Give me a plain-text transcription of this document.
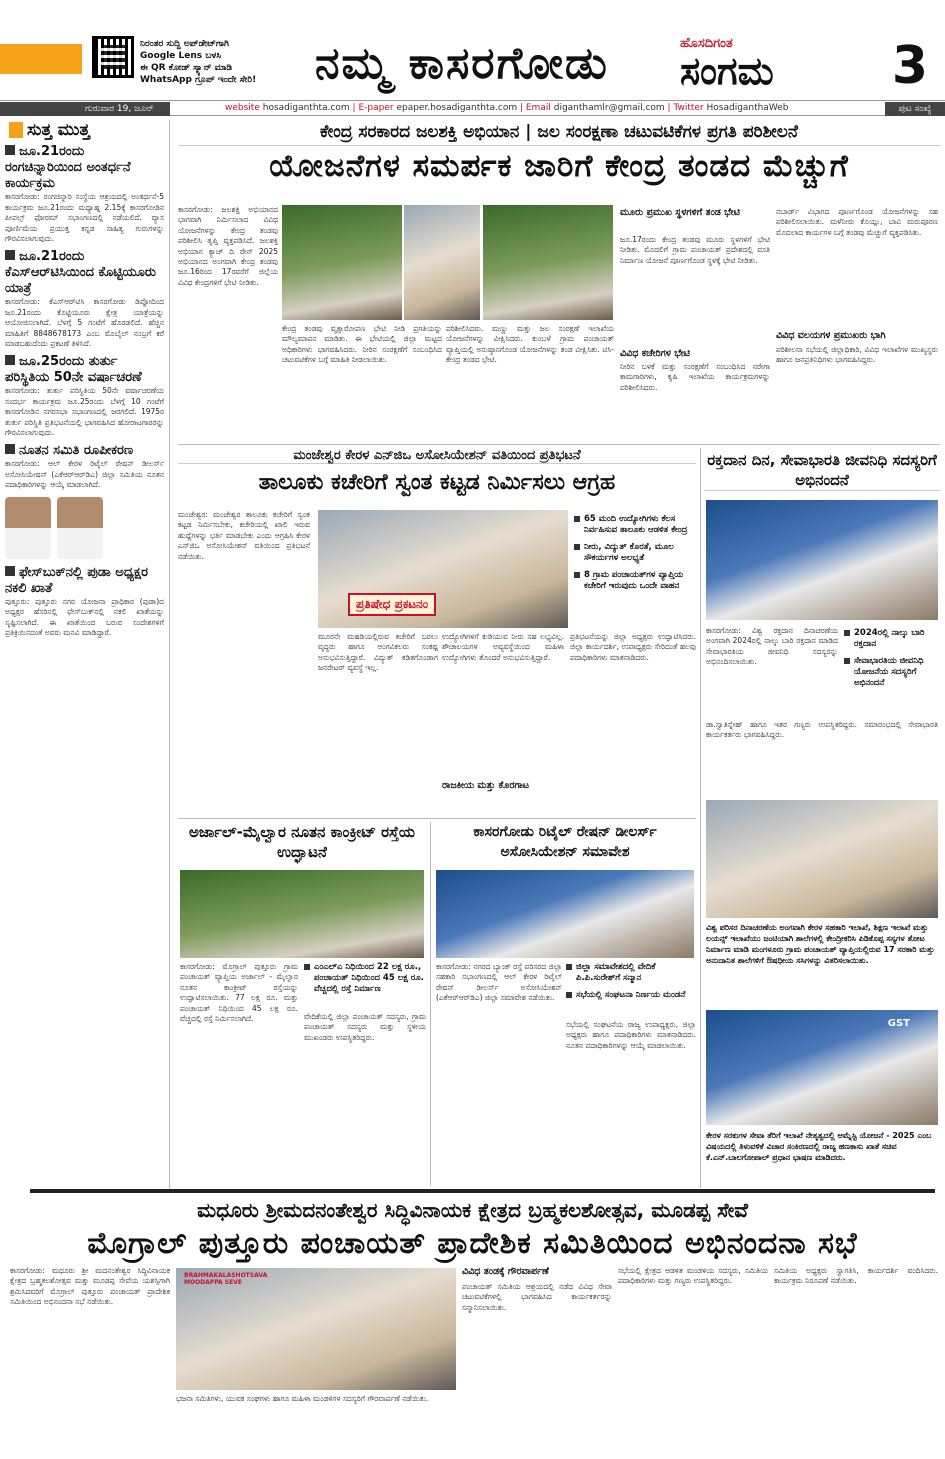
ನಿರಂತರ ಸುದ್ದಿ ಅಪ್‌ಡೇಟ್‌ಗಾಗಿ
Google Lens ಬಳಸಿ
ಈ QR ಕೋಡ್ ಸ್ಕ್ಯಾನ್ ಮಾಡಿ
WhatsApp ಗ್ರೂಪ್ ಇಂದೇ ಸೇರಿ!	ನಮ್ಮ ಕಾಸರಗೋಡು	ಹೊಸದಿಗಂತ
ಸಂಗಮ	3
ಗುರುವಾರ 19, ಜೂನ್ 2025
website hosadiganthta.com | E-paper epaper.hosadiganthta.com | Email diganthamlr@gmail.com | Twitter HosadiganthaWeb	ಪುಟ ಸಂಖ್ಯೆ
ಸುತ್ತ ಮುತ್ತ
ಜೂ.21ರಂದು ರಂಗಚಿನ್ನಾರಿಯಿಂದ ಅಂತರ್ಧನೆ ಕಾರ್ಯಕ್ರಮ
ಕಾಸರಗೋಡು: ರಂಗಚಿನ್ನಾರಿ ಸಂಸ್ಥೆಯ ಆಶ್ರಯದಲ್ಲಿ ಅಂತರ್ಧನೆ-5 ಕಾರ್ಯಕ್ರಮ ಜೂ.21ರಂದು ಮಧ್ಯಾಹ್ನ 2.15ಕ್ಕೆ ಕಾಸರಗೋಡಿನ ಪೀಪಲ್ಸ್ ಫೋರಮ್ ಸಭಾಂಗಣದಲ್ಲಿ ನಡೆಯಲಿದೆ. ವ್ಯಾಸ ಪೂರ್ಣಿಮೆಯ ಪ್ರಯುಕ್ತ ಕನ್ನಡ ಸಾಹಿತ್ಯ ಗುರುಗಳನ್ನು ಗೌರವಿಸಲಾಗುವುದು.
ಜೂ.21ರಂದು ಕೆಎಸ್‌ಆರ್‌ಟಿಸಿಯಿಂದ ಕೊಟ್ಟಿಯೂರು ಯಾತ್ರೆ
ಕಾಸರಗೋಡು: ಕೆಎಸ್‌ಆರ್‌ಟಿಸಿ ಕಾಸರಗೋಡು ಡಿಪ್ಪೋದಿಂದ ಜೂ.21ರಂದು ಕೊಟ್ಟಿಯೂರು ಕ್ಷೇತ್ರ ಯಾತ್ರೆಯನ್ನು ಆಯೋಜಿಸಲಾಗಿದೆ. ಬೆಳಗ್ಗೆ 5 ಗಂಟೆಗೆ ಹೊರಡಲಿದೆ. ಹೆಚ್ಚಿನ ಮಾಹಿತಿಗೆ 8848678173 ಎಂಬ ಮೊಬೈಲ್ ನಂಬ್ರಗೆ ಕರೆ ಮಾಡಬಹುದೆಂದು ಪ್ರಕಟಣೆ ತಿಳಿಸಿದೆ.
ಜೂ.25ರಂದು ತುರ್ತು ಪರಿಸ್ಥಿತಿಯ 50ನೇ ವರ್ಷಾಚರಣೆ
ಕಾಸರಗೋಡು: ತುರ್ತು ಪರಿಸ್ಥಿತಿಯ 50ನೇ ವರ್ಷಾಚರಣೆಯ ಸಂದರ್ಭ ಕಾರ್ಯಕ್ರಮ ಜೂ.25ರಂದು ಬೆಳಗ್ಗೆ 10 ಗಂಟೆಗೆ ಕಾಸರಗೋಡಿನ ನಗರಸಭಾ ಸಭಾಂಗಣದಲ್ಲಿ ಜರಗಲಿದೆ. 1975ರ ತುರ್ತು ಪರಿಸ್ಥಿತಿ ಪ್ರತಿಭಟನೆಯಲ್ಲಿ ಭಾಗವಹಿಸಿದ ಹೋರಾಟಗಾರರನ್ನು ಗೌರವಿಸಲಾಗುವುದು.
ನೂತನ ಸಮಿತಿ ರೂಪೀಕರಣ
ಕಾಸರಗೋಡು: ಆಲ್ ಕೇರಳ ರಿಟೈಲ್ ರೇಷನ್ ಡೀಲರ್ಸ್ ಅಸೋಸಿಯೇಷನ್ (ಎಕೆಆರ್‌ಆರ್‌ಡಿಎ) ಜಿಲ್ಲಾ ಸಮಿತಿಯ ನೂತನ ಪದಾಧಿಕಾರಿಗಳನ್ನು ಆಯ್ಕೆ ಮಾಡಲಾಗಿದೆ.
ಫೇಸ್‌ಬುಕ್‌ನಲ್ಲಿ ಪುಡಾ ಅಧ್ಯಕ್ಷರ ನಕಲಿ ಖಾತೆ
ಪುತ್ತೂರು: ಪುತ್ತೂರು ನಗರ ಯೋಜನಾ ಪ್ರಾಧಿಕಾರ (ಪುಡಾ)ದ ಅಧ್ಯಕ್ಷರ ಹೆಸರಿನಲ್ಲಿ ಫೇಸ್‌ಬುಕ್‌ನಲ್ಲಿ ನಕಲಿ ಖಾತೆಯನ್ನು ಸೃಷ್ಟಿಸಲಾಗಿದೆ. ಈ ಖಾತೆಯಿಂದ ಬರುವ ಸಂದೇಶಗಳಿಗೆ ಪ್ರತಿಕ್ರಿಯಿಸದಂತೆ ಅವರು ಮನವಿ ಮಾಡಿದ್ದಾರೆ.
ಕೇಂದ್ರ ಸರಕಾರದ ಜಲಶಕ್ತಿ ಅಭಿಯಾನ | ಜಲ ಸಂರಕ್ಷಣಾ ಚಟುವಟಿಕೆಗಳ ಪ್ರಗತಿ ಪರಿಶೀಲನೆ
ಯೋಜನೆಗಳ ಸಮರ್ಪಕ ಜಾರಿಗೆ ಕೇಂದ್ರ ತಂಡದ ಮೆಚ್ಚುಗೆ
ಕಾಸರಗೋಡು: ಜಲಶಕ್ತಿ ಅಭಿಯಾನದ ಭಾಗವಾಗಿ ನಿರ್ಮಿಸಲಾದ ವಿವಿಧ ಯೋಜನೆಗಳನ್ನು ಕೇಂದ್ರ ತಂಡವು ಪರಿಶೀಲಿಸಿ ತೃಪ್ತಿ ವ್ಯಕ್ತಪಡಿಸಿದೆ. ಜಲಶಕ್ತಿ ಅಭಿಯಾನ ಕ್ಯಾಚ್ ದಿ ರೇನ್ 2025 ಅಭಿಯಾನದ ಅಂಗವಾಗಿ ಕೇಂದ್ರ ತಂಡವು ಜೂ.16ರಿಂದ 17ರವರೆಗೆ ಜಿಲ್ಲೆಯ ವಿವಿಧ ಕೇಂದ್ರಗಳಿಗೆ ಭೇಟಿ ನೀಡಿತು.
ಕೇಂದ್ರ ತಂಡವು ವೃಕ್ಷಾರೋಪಣ ಭೇಟಿ ನೀಡಿ ಪ್ರಗತಿಯನ್ನು ಮೌಲ್ಯಮಾಪನ ಮಾಡಿತು. ಈ ಭೇಟಿಯಲ್ಲಿ ಜಿಲ್ಲಾ ಮಟ್ಟದ ಅಧಿಕಾರಿಗಳು ಭಾಗವಹಿಸಿದರು. ನೀರಿನ ಸಂರಕ್ಷಣೆಗೆ ಸಂಬಂಧಿಸಿದ ಚಟುವಟಿಕೆಗಳ ಬಗ್ಗೆ ಮಾಹಿತಿ ನೀಡಲಾಯಿತು.
ಪರಿಶೀಲಿಸಿದರು. ಮಣ್ಣು ಮತ್ತು ಜಲ ಸಂರಕ್ಷಣೆ ಇಲಾಖೆಯ ಯೋಜನೆಗಳನ್ನು ವೀಕ್ಷಿಸಿದರು. ಕುಂಬಳೆ ಗ್ರಾಮ ಪಂಚಾಯತ್ ವ್ಯಾಪ್ತಿಯಲ್ಲಿ ಅನುಷ್ಠಾನಗೊಂಡ ಯೋಜನೆಗಳನ್ನು ತಂಡ ವೀಕ್ಷಿಸಿತು. ಟಿಸಿ-ಕೇಂದ್ರ ತಂಡದ ಭೇಟಿ.
ಮೂರು ಪ್ರಮುಖ ಸ್ಥಳಗಳಿಗೆ ತಂಡ ಭೇಟಿ
ಜೂ.17ರಂದು ಕೇಂದ್ರ ತಂಡವು ಮೂರು ಸ್ಥಳಗಳಿಗೆ ಭೇಟಿ ನೀಡಿತು. ಮೊದಲಿಗೆ ಗ್ರಾಮ ಪಂಚಾಯತ್ ಪ್ರದೇಶದಲ್ಲಿ ವಸತಿ ನಿರ್ಮಾಣ ಯೋಜನೆ ಪೂರ್ಣಗೊಂಡ ಸ್ಥಳಕ್ಕೆ ಭೇಟಿ ನೀಡಿತು.
ವಿವಿಧ ಕಚೇರಿಗಳ ಭೇಟಿ
ನೀರಿನ ಬಳಕೆ ಮತ್ತು ಸಂರಕ್ಷಣೆಗೆ ಸಂಬಂಧಿಸಿದ ನರೇಗಾ ಕಾಮಗಾರಿಗಳು, ಕೃಷಿ ಇಲಾಖೆಯ ಕಾರ್ಯಕ್ರಮಗಳನ್ನು ಪರಿಶೀಲಿಸಿದರು.
ನಬಾರ್ಡ್ ವಿಭಾಗದ ಪೂರ್ಣಗೊಂಡ ಯೋಜನೆಗಳನ್ನು ಸಹ ಪರಿಶೀಲಿಸಲಾಯಿತು. ಮಳೆನೀರು ಕೊಯ್ಲು, ಬಾವಿ ಮರುಪೂರಣ ಮೊದಲಾದ ಕಾರ್ಯಗಳ ಬಗ್ಗೆ ತಂಡವು ಮೆಚ್ಚುಗೆ ವ್ಯಕ್ತಪಡಿಸಿತು.
ವಿವಿಧ ವಲಯಗಳ ಪ್ರಮುಖರು ಭಾಗಿ
ಪರಿಶೀಲನಾ ಸಭೆಯಲ್ಲಿ ಜಿಲ್ಲಾಧಿಕಾರಿ, ವಿವಿಧ ಇಲಾಖೆಗಳ ಮುಖ್ಯಸ್ಥರು ಹಾಗೂ ಜನಪ್ರತಿನಿಧಿಗಳು ಭಾಗವಹಿಸಿದ್ದರು.
ಮಂಜೇಶ್ವರ ಕೇರಳ ಎನ್‌ಜಿಒ ಅಸೋಸಿಯೇಶನ್ ವತಿಯಿಂದ ಪ್ರತಿಭಟನೆ
ತಾಲೂಕು ಕಚೇರಿಗೆ ಸ್ವಂತ ಕಟ್ಟಡ ನಿರ್ಮಿಸಲು ಆಗ್ರಹ
ಮಂಜೇಶ್ವರ: ಮಂಜೇಶ್ವರ ತಾಲೂಕು ಕಚೇರಿಗೆ ಸ್ವಂತ ಕಟ್ಟಡ ನಿರ್ಮಿಸಬೇಕು, ಕಚೇರಿಯಲ್ಲಿ ಖಾಲಿ ಇರುವ ಹುದ್ದೆಗಳನ್ನು ಭರ್ತಿ ಮಾಡಬೇಕು ಎಂದು ಆಗ್ರಹಿಸಿ ಕೇರಳ ಎನ್‌ಜಿಒ ಅಸೋಸಿಯೇಶನ್ ವತಿಯಿಂದ ಪ್ರತಿಭಟನೆ ನಡೆಯಿತು.
ಪ್ರತಿಷೇಧ ಪ್ರಕಟನಂ
65 ಮಂದಿ ಉದ್ಯೋಗಿಗಳು ಕೆಲಸ ನಿರ್ವಹಿಸುವ ತಾಲೂಕು ಆಡಳಿತ ಕೇಂದ್ರ
ನೀರು, ವಿದ್ಯುತ್ ಕೊರತೆ, ಮೂಲ ಸೌಕರ್ಯಗಳ ಅಲಭ್ಯತೆ
8 ಗ್ರಾಮ ಪಂಚಾಯತ್‌ಗಳ ವ್ಯಾಪ್ತಿಯ ಕಚೇರಿಗೆ ಇರುವುದು ಒಂದೇ ವಾಹನ
ಮೂರನೇ ಮಹಡಿಯಲ್ಲಿರುವ ಕಚೇರಿಗೆ ಬರಲು ವೃದ್ಧರು ಹಾಗೂ ಅಂಗವಿಕಲರು ಸಂಕಷ್ಟ ಅನುಭವಿಸುತ್ತಿದ್ದಾರೆ. ವಿದ್ಯುತ್ ಕಡಿತಗೊಂಡಾಗ ಜನರೇಟರ್ ವ್ಯವಸ್ಥೆ ಇಲ್ಲ.
ಉದ್ಯೋಗಿಗಳಿಗೆ ಕುಡಿಯುವ ನೀರು ಸಹ ಲಭ್ಯವಿಲ್ಲ. ಶೌಚಾಲಯಗಳ ಅವ್ಯವಸ್ಥೆಯಿಂದ ಮಹಿಳಾ ಉದ್ಯೋಗಿಗಳು ತೊಂದರೆ ಅನುಭವಿಸುತ್ತಿದ್ದಾರೆ.
ರಾಜಕೀಯ ಮತ್ತು ಕೊರಗಾಟ
ಪ್ರತಿಭಟನೆಯನ್ನು ಜಿಲ್ಲಾ ಅಧ್ಯಕ್ಷರು ಉದ್ಘಾಟಿಸಿದರು. ಜಿಲ್ಲಾ ಕಾರ್ಯದರ್ಶಿ, ಉಪಾಧ್ಯಕ್ಷರು ಸೇರಿದಂತೆ ಹಲವು ಪದಾಧಿಕಾರಿಗಳು ಮಾತನಾಡಿದರು.
ರಕ್ತದಾನ ದಿನ, ಸೇವಾಭಾರತಿ ಜೀವನಿಧಿ ಸದಸ್ಯರಿಗೆ ಅಭಿನಂದನೆ
ಕಾಸರಗೋಡು: ವಿಶ್ವ ರಕ್ತದಾನ ದಿನಾಚರಣೆಯ ಅಂಗವಾಗಿ 2024ರಲ್ಲಿ ನಾಲ್ಕು ಬಾರಿ ರಕ್ತದಾನ ಮಾಡಿದ ಸೇವಾಭಾರತಿಯ ಜೀವನಿಧಿ ಸದಸ್ಯರನ್ನು ಅಭಿನಂದಿಸಲಾಯಿತು.
2024ರಲ್ಲಿ ನಾಲ್ಕು ಬಾರಿ ರಕ್ತದಾನ
ಸೇವಾಭಾರತಿಯ ಜೀವನಿಧಿ ಯೋಜನೆಯ ಸದಸ್ಯರಿಗೆ ಅಭಿನಂದನೆ
ಡಾ.ಸ್ವಾತಿಸ್ನೇಹ್ ಹಾಗೂ ಇತರ ಗಣ್ಯರು ಉಪಸ್ಥಿತರಿದ್ದರು. ಸಮಾರಂಭದಲ್ಲಿ ಸೇವಾಭಾರತಿ ಕಾರ್ಯಕರ್ತರು ಭಾಗವಹಿಸಿದ್ದರು.
ವಿಶ್ವ ಪರಿಸರ ದಿನಾಚರಣೆಯ ಅಂಗವಾಗಿ ಕೇರಳ ಸಹಕಾರಿ ಇಲಾಖೆ, ಶಿಕ್ಷಣ ಇಲಾಖೆ ಮತ್ತು ಲಯನ್ಸ್ ಇಲಾಖೆಯು ಜಂಟಿಯಾಗಿ ಶಾಲೆಗಳಲ್ಲಿ ಕೇಂದ್ರೀಕರಿಸಿ ಪಿಡಿಕೊಪ್ಪ ಸಸ್ಯಗಳ ತೋಟ ನಿರ್ಮಾಣ ಮಾಡಿ ಮಂಗಳೂರು ಗ್ರಾಮ ಪಂಚಾಯತ್ ವ್ಯಾಪ್ತಿಯಲ್ಲಿರುವ 17 ಸರಕಾರಿ ಮತ್ತು ಅನುದಾನಿತ ಶಾಲೆಗಳಿಗೆ ಔಷಧೀಯ ಸಸಿಗಳನ್ನು ವಿತರಿಸಲಾಯಿತು.
GST
ಕೇರಳ ಸರಕುಗಳ ಸೇವಾ ತೆರಿಗೆ ಇಲಾಖೆ ನೇತೃತ್ವದಲ್ಲಿ ಆಮ್ನೆಸ್ಟಿ ಯೋಜನೆ - 2025 ಎಂಬ ವಿಷಯದಲ್ಲಿ ತಿಳುವಳಿಕೆ ವಿಚಾರ ಸಂಕಿರಣದಲ್ಲಿ ರಾಜ್ಯ ಹಣಕಾಸು ಖಾತೆ ಸಚಿವ ಕೆ.ಎನ್.ಬಾಲಗೋಪಾಲ್ ಪ್ರಧಾನ ಭಾಷಣ ಮಾಡಿದರು.
ಅರ್ಜಾಲ್-ಮೈಲ್ವಾರ ನೂತನ ಕಾಂಕ್ರೀಟ್ ರಸ್ತೆಯ ಉದ್ಘಾಟನೆ
ಕಾಸರಗೋಡು: ಮೊಗ್ರಾಲ್ ಪುತ್ತೂರು ಗ್ರಾಮ ಪಂಚಾಯತ್ ವ್ಯಾಪ್ತಿಯ ಅರ್ಜಾಲ್ - ಮೈಲ್ವಾರ ನೂತನ ಕಾಂಕ್ರೀಟ್ ರಸ್ತೆಯನ್ನು ಉದ್ಘಾಟಿಸಲಾಯಿತು. 77 ಲಕ್ಷ ರೂ. ಮತ್ತು ಪಂಚಾಯತ್ ನಿಧಿಯಿಂದ 45 ಲಕ್ಷ ರೂ. ವೆಚ್ಚದಲ್ಲಿ ರಸ್ತೆ ನಿರ್ಮಿಸಲಾಗಿದೆ.
ಎಂಎಲ್‌ಎ ನಿಧಿಯಿಂದ 22 ಲಕ್ಷ ರೂ., ಪಂಚಾಯತ್ ನಿಧಿಯಿಂದ 45 ಲಕ್ಷ ರೂ. ವೆಚ್ಚದಲ್ಲಿ ರಸ್ತೆ ನಿರ್ಮಾಣ
ವೇದಿಕೆಯಲ್ಲಿ ಜಿಲ್ಲಾ ಪಂಚಾಯತ್ ಸದಸ್ಯರು, ಗ್ರಾಮ ಪಂಚಾಯತ್ ಸದಸ್ಯರು ಮತ್ತು ಸ್ಥಳೀಯ ಮುಖಂಡರು ಉಪಸ್ಥಿತರಿದ್ದರು.
ಕಾಸರಗೋಡು ರಿಟೈಲ್ ರೇಷನ್ ಡೀಲರ್ಸ್ ಅಸೋಸಿಯೇಶನ್ ಸಮಾವೇಶ
ಕಾಸರಗೋಡು: ನಗರದ ಬ್ಯಾಂಕ್ ರಸ್ತೆ ಪರಿಸರದ ಜಿಲ್ಲಾ ಸಹಕಾರಿ ಸಭಾಂಗಣದಲ್ಲಿ ಆಲ್ ಕೇರಳ ರಿಟೈಲ್ ರೇಷನ್ ಡೀಲರ್ಸ್ ಅಸೋಸಿಯೇಶನ್ (ಎಕೆಆರ್‌ಆರ್‌ಡಿಎ) ಜಿಲ್ಲಾ ಸಮಾವೇಶ ನಡೆಯಿತು.
ಜಿಲ್ಲಾ ಸಮಾವೇಶದಲ್ಲಿ ವೇದಿಕೆ ಪಿ.ಪಿ.ಸುರೇಶ್‌ಗೆ ಸನ್ಮಾನ
ಸಭೆಯಲ್ಲಿ ಸಂಘಟನಾ ನಿರ್ಣಯ ಮಂಡನೆ
ಸಭೆಯಲ್ಲಿ ಸಂಘಟನೆಯ ರಾಜ್ಯ ಉಪಾಧ್ಯಕ್ಷರು, ಜಿಲ್ಲಾ ಅಧ್ಯಕ್ಷರು ಹಾಗೂ ಪದಾಧಿಕಾರಿಗಳು ಮಾತನಾಡಿದರು. ನೂತನ ಪದಾಧಿಕಾರಿಗಳನ್ನು ಆಯ್ಕೆ ಮಾಡಲಾಯಿತು.
ಮಧೂರು ಶ್ರೀಮದನಂತೇಶ್ವರ ಸಿದ್ಧಿವಿನಾಯಕ ಕ್ಷೇತ್ರದ ಬ್ರಹ್ಮಕಲಶೋತ್ಸವ, ಮೂಡಪ್ಪ ಸೇವೆ
ಮೊಗ್ರಾಲ್ ಪುತ್ತೂರು ಪಂಚಾಯತ್ ಪ್ರಾದೇಶಿಕ ಸಮಿತಿಯಿಂದ ಅಭಿನಂದನಾ ಸಭೆ
ಕಾಸರಗೋಡು: ಮಧೂರು ಶ್ರೀ ಮದನಂತೇಶ್ವರ ಸಿದ್ಧಿವಿನಾಯಕ ಕ್ಷೇತ್ರದ ಬ್ರಹ್ಮಕಲಶೋತ್ಸವ ಮತ್ತು ಮೂಡಪ್ಪ ಸೇವೆಯ ಯಶಸ್ಸಿಗಾಗಿ ಶ್ರಮಿಸಿದವರಿಗೆ ಮೊಗ್ರಾಲ್ ಪುತ್ತೂರು ಪಂಚಾಯತ್ ಪ್ರಾದೇಶಿಕ ಸಮಿತಿಯಿಂದ ಅಭಿನಂದನಾ ಸಭೆ ನಡೆಯಿತು.
BRAHMAKALASHOTSAVA MOODAPPA SEVE
ಭಜನಾ ಸಮಿತಿಗಳು, ಯುವಕ ಸಂಘಗಳು ಹಾಗೂ ಮಹಿಳಾ ಮಂಡಳಿಗಳ ಸದಸ್ಯರಿಗೆ ಗೌರವಾರ್ಪಣೆ ನಡೆಯಿತು.
ವಿವಿಧ ತಂಡಕ್ಕೆ ಗೌರವಾರ್ಪಣೆ
ಪಂಚಾಯತ್ ಸಮಿತಿಯ ಆಶ್ರಯದಲ್ಲಿ ನಡೆದ ವಿವಿಧ ಸೇವಾ ಚಟುವಟಿಕೆಗಳಲ್ಲಿ ಭಾಗವಹಿಸಿದ ಕಾರ್ಯಕರ್ತರನ್ನು ಸನ್ಮಾನಿಸಲಾಯಿತು.
ಸಭೆಯಲ್ಲಿ ಕ್ಷೇತ್ರದ ಆಡಳಿತ ಮಂಡಳಿಯ ಸದಸ್ಯರು, ಸಮಿತಿಯ ಪದಾಧಿಕಾರಿಗಳು ಮತ್ತು ಗಣ್ಯರು ಉಪಸ್ಥಿತರಿದ್ದರು.
ಸಮಿತಿಯ ಅಧ್ಯಕ್ಷರು ಸ್ವಾಗತಿಸಿ, ಕಾರ್ಯದರ್ಶಿ ವಂದಿಸಿದರು. ಕಾರ್ಯಕ್ರಮ ನಿರೂಪಣೆ ನಡೆಯಿತು.
